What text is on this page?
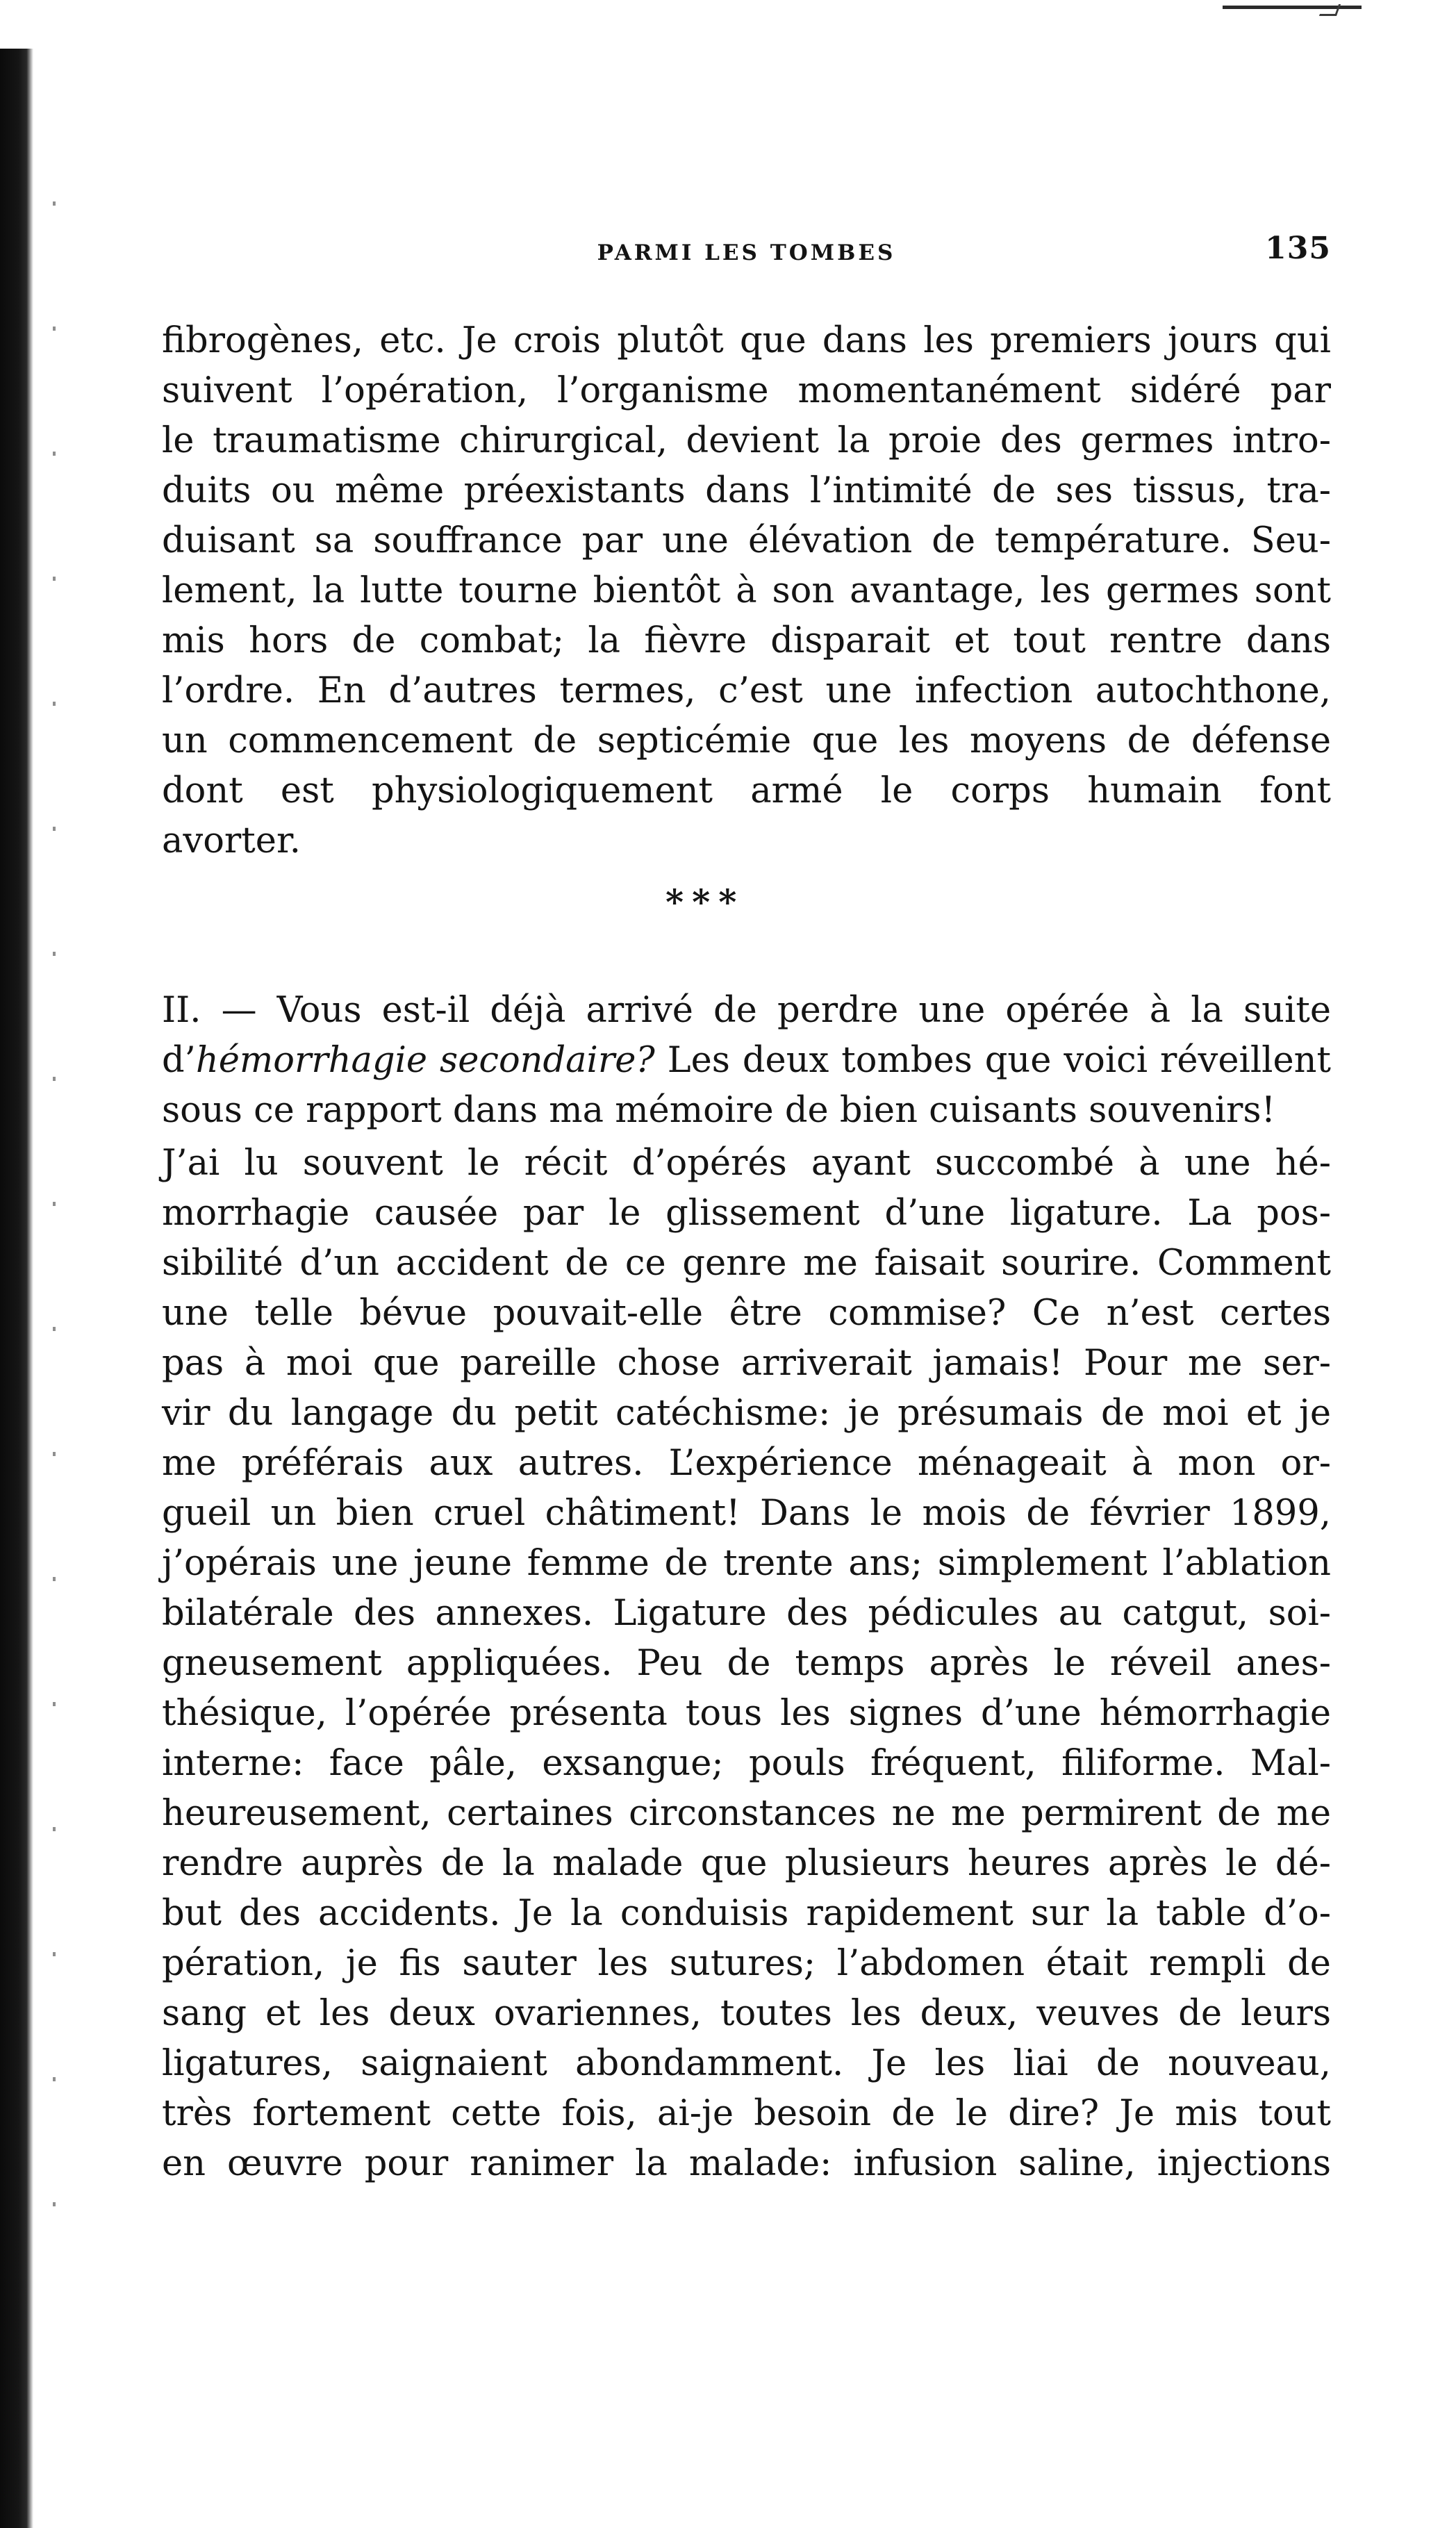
PARMI LES TOMBES	135
fibrogènes, etc. Je crois plutôt que dans les premiers jours qui
suivent l’opération, l’organisme momentanément sidéré par
le traumatisme chirurgical, devient la proie des germes intro-
duits ou même préexistants dans l’intimité de ses tissus, tra-
duisant sa souffrance par une élévation de température. Seu-
lement, la lutte tourne bientôt à son avantage, les germes sont
mis hors de combat; la fièvre disparait et tout rentre dans
l’ordre. En d’autres termes, c’est une infection autochthone,
un commencement de septicémie que les moyens de défense
dont est physiologiquement armé le corps humain font
avorter.
***
II. — Vous est-il déjà arrivé de perdre une opérée à la suite
d’hémorrhagie secondaire? Les deux tombes que voici réveillent
sous ce rapport dans ma mémoire de bien cuisants souvenirs!
J’ai lu souvent le récit d’opérés ayant succombé à une hé-
morrhagie causée par le glissement d’une ligature. La pos-
sibilité d’un accident de ce genre me faisait sourire. Comment
une telle bévue pouvait-elle être commise? Ce n’est certes
pas à moi que pareille chose arriverait jamais! Pour me ser-
vir du langage du petit catéchisme: je présumais de moi et je
me préférais aux autres. L’expérience ménageait à mon or-
gueil un bien cruel châtiment! Dans le mois de février 1899,
j’opérais une jeune femme de trente ans; simplement l’ablation
bilatérale des annexes. Ligature des pédicules au catgut, soi-
gneusement appliquées. Peu de temps après le réveil anes-
thésique, l’opérée présenta tous les signes d’une hémorrhagie
interne: face pâle, exsangue; pouls fréquent, filiforme. Mal-
heureusement, certaines circonstances ne me permirent de me
rendre auprès de la malade que plusieurs heures après le dé-
but des accidents. Je la conduisis rapidement sur la table d’o-
pération, je fis sauter les sutures; l’abdomen était rempli de
sang et les deux ovariennes, toutes les deux, veuves de leurs
ligatures, saignaient abondamment. Je les liai de nouveau,
très fortement cette fois, ai-je besoin de le dire? Je mis tout
en œuvre pour ranimer la malade: infusion saline, injections
